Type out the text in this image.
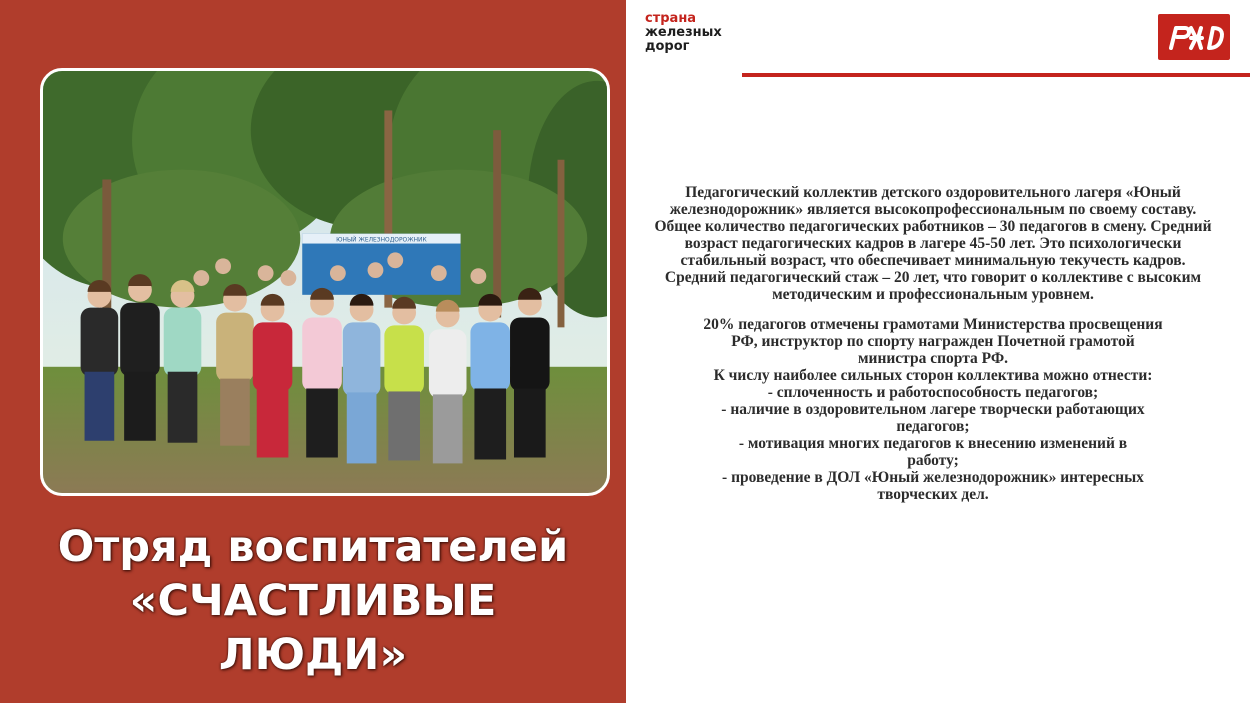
ЮНЫЙ ЖЕЛЕЗНОДОРОЖНИК
Отряд воспитателей
«СЧАСТЛИВЫЕ
ЛЮДИ»
страна
железных
дорог

Педагогический коллектив детского оздоровительного лагеря «Юный железнодорожник» является высокопрофессиональным по своему составу. Общее количество педагогических работников – 30 педагогов в смену. Средний возраст педагогических кадров в лагере 45-50 лет. Это психологически стабильный возраст, что обеспечивает минимальную текучесть кадров. Средний педагогический стаж – 20 лет, что говорит о коллективе с высоким методическим и профессиональным уровнем.

20% педагогов отмечены грамотами Министерства просвещения
РФ, инструктор по спорту награжден Почетной грамотой
министра спорта РФ.
К числу наиболее сильных сторон коллектива можно отнести:
- сплоченность и работоспособность педагогов;
- наличие в оздоровительном лагере творчески работающих
педагогов;
- мотивация многих педагогов к внесению изменений в
работу;
- проведение в ДОЛ «Юный железнодорожник» интересных
творческих дел.
